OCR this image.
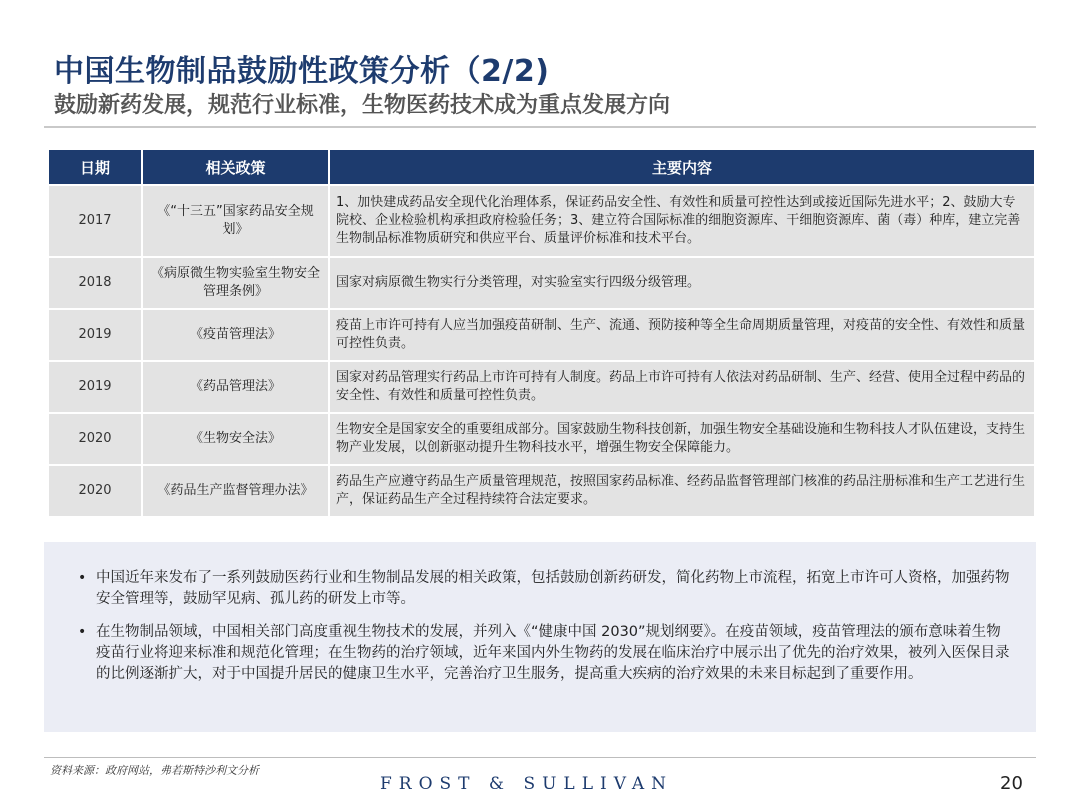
中国生物制品鼓励性政策分析（2/2)
鼓励新药发展，规范行业标准，生物医药技术成为重点发展方向
日期	相关政策	主要内容
2017	《“十三五”国家药品安全规划》	1、加快建成药品安全现代化治理体系，保证药品安全性、有效性和质量可控性达到或接近国际先进水平；2、鼓励大专院校、企业检验机构承担政府检验任务；3、建立符合国际标准的细胞资源库、干细胞资源库、菌（毒）种库，建立完善生物制品标准物质研究和供应平台、质量评价标准和技术平台。
2018	《病原微生物实验室生物安全管理条例》	国家对病原微生物实行分类管理，对实验室实行四级分级管理。
2019	《疫苗管理法》	疫苗上市许可持有人应当加强疫苗研制、生产、流通、预防接种等全生命周期质量管理，对疫苗的安全性、有效性和质量可控性负责。
2019	《药品管理法》	国家对药品管理实行药品上市许可持有人制度。药品上市许可持有人依法对药品研制、生产、经营、使用全过程中药品的安全性、有效性和质量可控性负责。
2020	《生物安全法》	生物安全是国家安全的重要组成部分。国家鼓励生物科技创新，加强生物安全基础设施和生物科技人才队伍建设，支持生物产业发展，以创新驱动提升生物科技水平，增强生物安全保障能力。
2020	《药品生产监督管理办法》	药品生产应遵守药品生产质量管理规范，按照国家药品标准、经药品监督管理部门核准的药品注册标准和生产工艺进行生产，保证药品生产全过程持续符合法定要求。
• 中国近年来发布了一系列鼓励医药行业和生物制品发展的相关政策，包括鼓励创新药研发，简化药物上市流程，拓宽上市许可人资格，加强药物安全管理等，鼓励罕见病、孤儿药的研发上市等。
• 在生物制品领域，中国相关部门高度重视生物技术的发展，并列入《“健康中国 2030”规划纲要》。在疫苗领域，疫苗管理法的颁布意味着生物疫苗行业将迎来标准和规范化管理；在生物药的治疗领域，近年来国内外生物药的发展在临床治疗中展示出了优先的治疗效果，被列入医保目录的比例逐渐扩大，对于中国提升居民的健康卫生水平，完善治疗卫生服务，提高重大疾病的治疗效果的未来目标起到了重要作用。
资料来源：政府网站，弗若斯特沙利文分析
FROST & SULLIVAN	20
